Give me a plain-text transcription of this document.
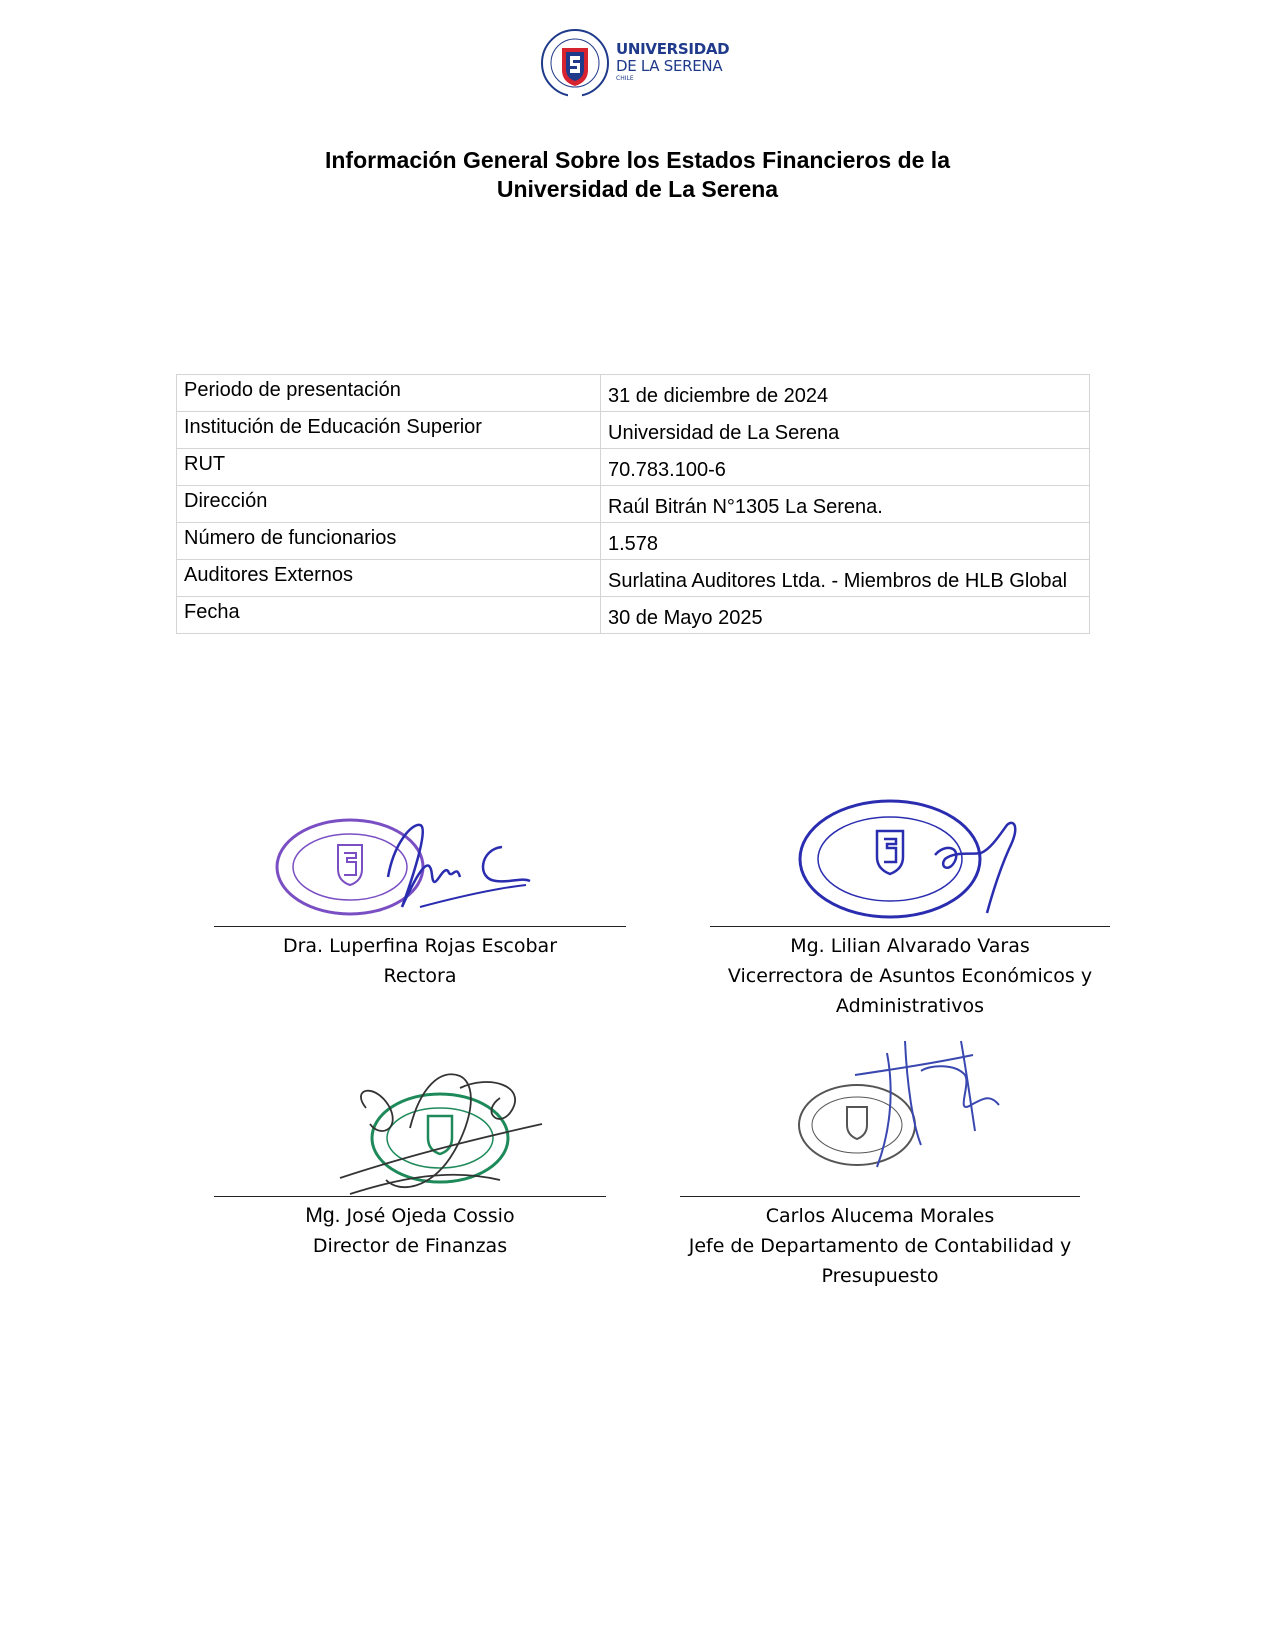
UNIVERSIDAD
DE LA SERENA
CHILE
Información General Sobre los Estados Financieros de la
Universidad de La Serena
Periodo de presentación	31 de diciembre de 2024
Institución de Educación Superior	Universidad de La Serena
RUT	70.783.100-6
Dirección	Raúl Bitrán N°1305 La Serena.
Número de funcionarios	1.578
Auditores Externos	Surlatina Auditores Ltda. - Miembros de HLB Global
Fecha	30 de Mayo 2025
Dra. Luperfina Rojas Escobar
Rectora
Mg. Lilian Alvarado Varas
Vicerrectora de Asuntos Económicos y
Administrativos
Mg. José Ojeda Cossio
Director de Finanzas
Carlos Alucema Morales
Jefe de Departamento de Contabilidad y
Presupuesto
